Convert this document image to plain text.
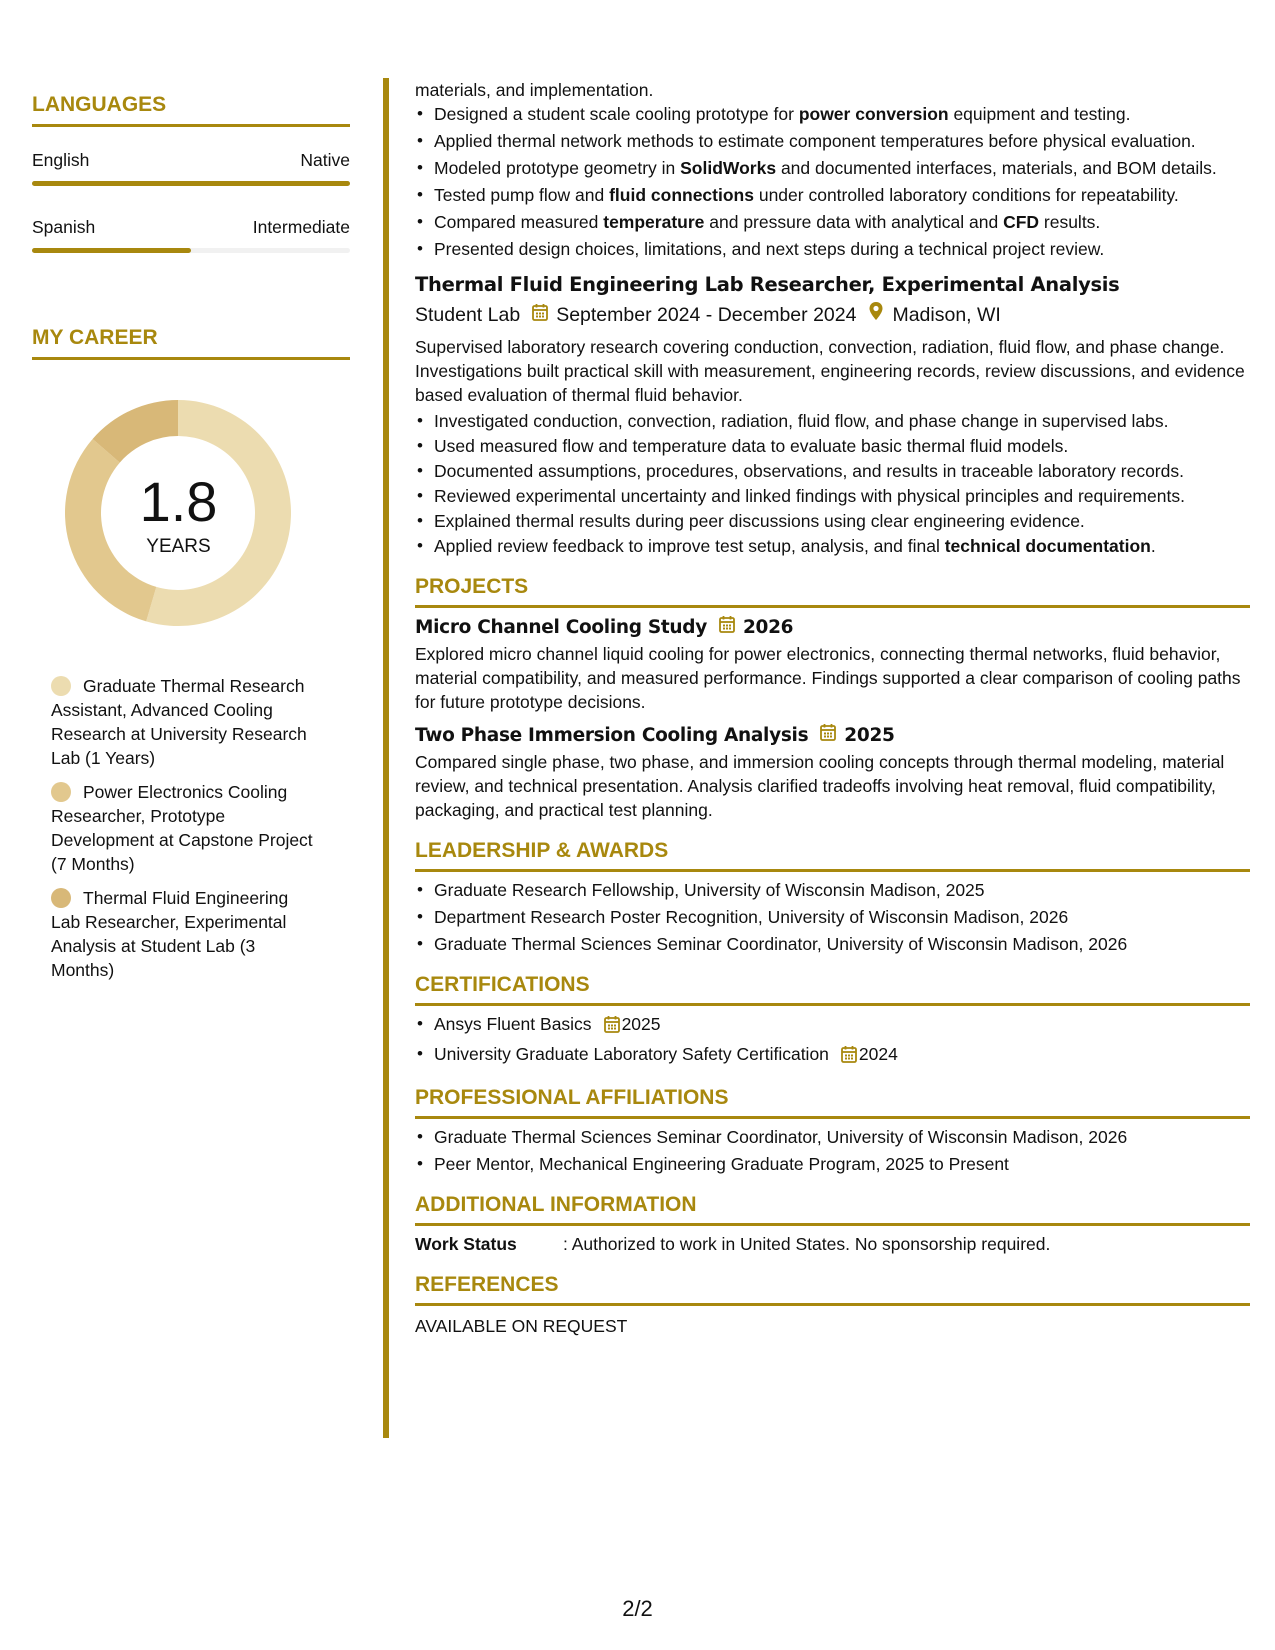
LANGUAGES
English	Native
Spanish	Intermediate
MY CAREER
1.8
YEARS
Graduate Thermal Research Assistant, Advanced Cooling Research at University Research Lab (1 Years)
Power Electronics Cooling Researcher, Prototype Development at Capstone Project (7 Months)
Thermal Fluid Engineering Lab Researcher, Experimental Analysis at Student Lab (3 Months)
materials, and implementation.
• Designed a student scale cooling prototype for power conversion equipment and testing.
• Applied thermal network methods to estimate component temperatures before physical evaluation.
• Modeled prototype geometry in SolidWorks and documented interfaces, materials, and BOM details.
• Tested pump flow and fluid connections under controlled laboratory conditions for repeatability.
• Compared measured temperature and pressure data with analytical and CFD results.
• Presented design choices, limitations, and next steps during a technical project review.
Thermal Fluid Engineering Lab Researcher, Experimental Analysis
Student Lab September 2024 - December 2024 Madison, WI
Supervised laboratory research covering conduction, convection, radiation, fluid flow, and phase change. Investigations built practical skill with measurement, engineering records, review discussions, and evidence based evaluation of thermal fluid behavior.
• Investigated conduction, convection, radiation, fluid flow, and phase change in supervised labs.
• Used measured flow and temperature data to evaluate basic thermal fluid models.
• Documented assumptions, procedures, observations, and results in traceable laboratory records.
• Reviewed experimental uncertainty and linked findings with physical principles and requirements.
• Explained thermal results during peer discussions using clear engineering evidence.
• Applied review feedback to improve test setup, analysis, and final technical documentation.
PROJECTS
Micro Channel Cooling Study 2026
Explored micro channel liquid cooling for power electronics, connecting thermal networks, fluid behavior, material compatibility, and measured performance. Findings supported a clear comparison of cooling paths for future prototype decisions.
Two Phase Immersion Cooling Analysis 2025
Compared single phase, two phase, and immersion cooling concepts through thermal modeling, material review, and technical presentation. Analysis clarified tradeoffs involving heat removal, fluid compatibility, packaging, and practical test planning.
LEADERSHIP & AWARDS
• Graduate Research Fellowship, University of Wisconsin Madison, 2025
• Department Research Poster Recognition, University of Wisconsin Madison, 2026
• Graduate Thermal Sciences Seminar Coordinator, University of Wisconsin Madison, 2026
CERTIFICATIONS
• Ansys Fluent Basics 2025
• University Graduate Laboratory Safety Certification 2024
PROFESSIONAL AFFILIATIONS
• Graduate Thermal Sciences Seminar Coordinator, University of Wisconsin Madison, 2026
• Peer Mentor, Mechanical Engineering Graduate Program, 2025 to Present
ADDITIONAL INFORMATION
Work Status	: Authorized to work in United States. No sponsorship required.
REFERENCES
AVAILABLE ON REQUEST
2/2
